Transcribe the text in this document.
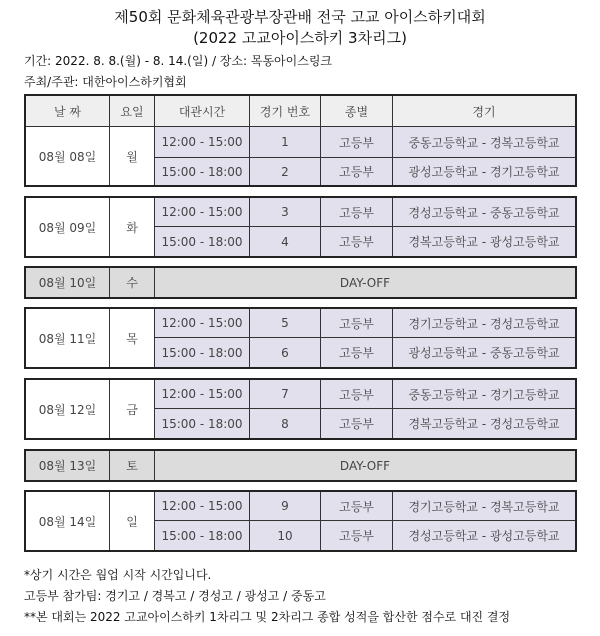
제50회 문화체육관광부장관배 전국 고교 아이스하키대회
(2022 고교아이스하키 3차리그)
기간: 2022. 8. 8.(월) - 8. 14.(일) / 장소: 목동아이스링크
주최/주관: 대한아이스하키협회
날 짜	요일	대관시간	경기 번호	종별	경기
08월 08일	월
12:00 - 15:00	1	고등부	중동고등학교 - 경복고등학교
15:00 - 18:00	2	고등부	광성고등학교 - 경기고등학교
08월 09일	화
12:00 - 15:00	3	고등부	경성고등학교 - 중동고등학교
15:00 - 18:00	4	고등부	경복고등학교 - 광성고등학교
08월 10일	수	DAY-OFF
08월 11일	목
12:00 - 15:00	5	고등부	경기고등학교 - 경성고등학교
15:00 - 18:00	6	고등부	광성고등학교 - 중동고등학교
08월 12일	금
12:00 - 15:00	7	고등부	중동고등학교 - 경기고등학교
15:00 - 18:00	8	고등부	경복고등학교 - 경성고등학교
08월 13일	토	DAY-OFF
08월 14일	일
12:00 - 15:00	9	고등부	경기고등학교 - 경복고등학교
15:00 - 18:00	10	고등부	경성고등학교 - 광성고등학교
*상기 시간은 웜업 시작 시간입니다.
고등부 참가팀: 경기고 / 경복고 / 경성고 / 광성고 / 중동고
**본 대회는 2022 고교아이스하키 1차리그 및 2차리그 종합 성적을 합산한 점수로 대진 결정
